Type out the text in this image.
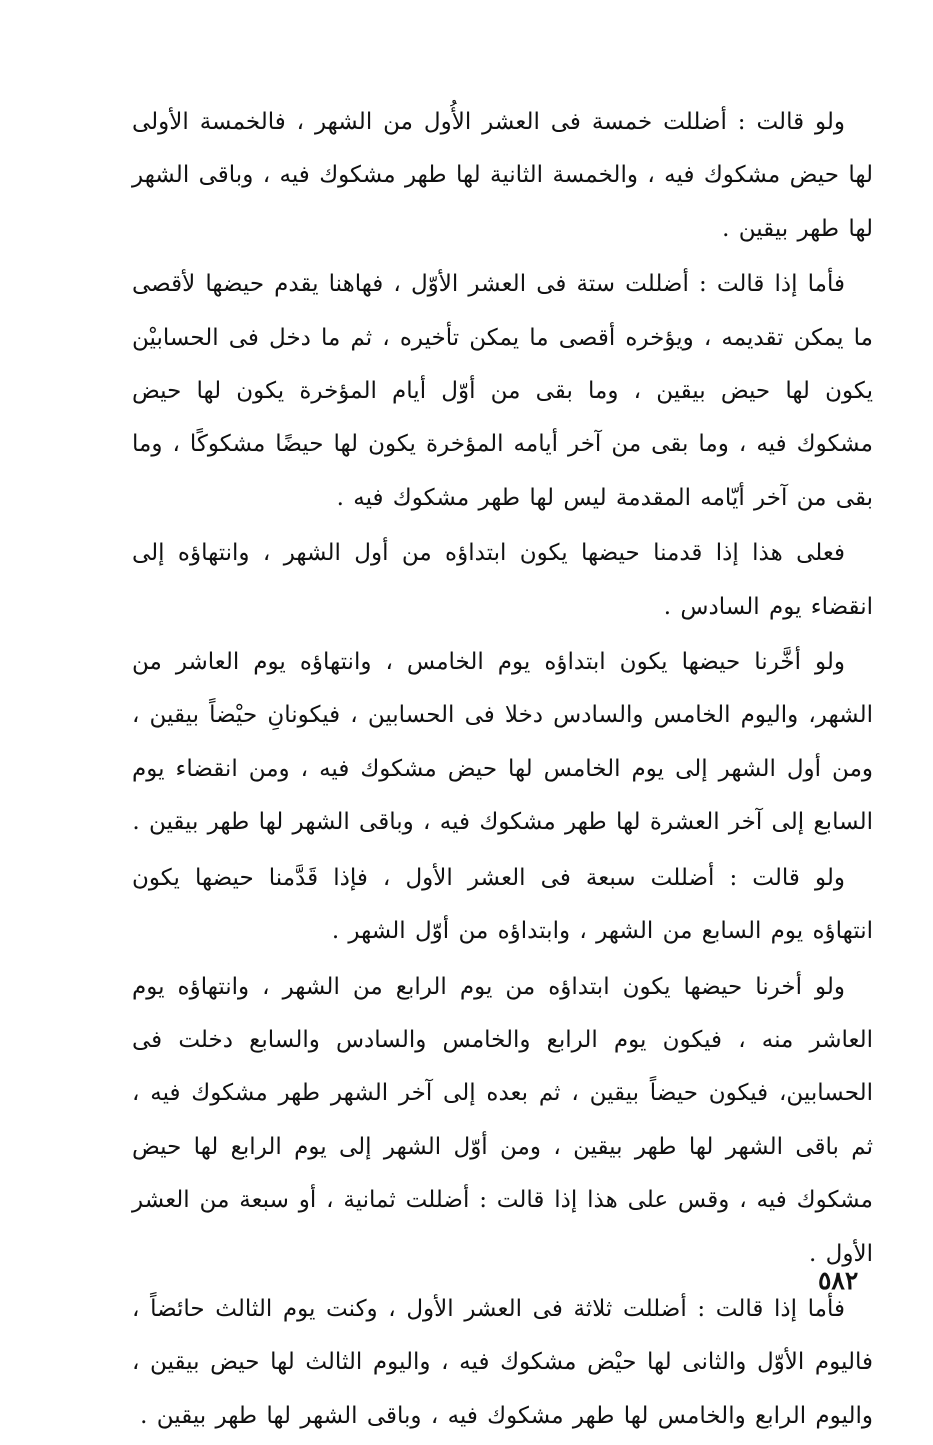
ولو قالت : أضللت خمسة فى العشر الأُول من الشهر ، فالخمسة الأولى لها حيض مشكوك فيه ، والخمسة الثانية لها طهر مشكوك فيه ، وباقى الشهر لها طهر بيقين .

فأما إذا قالت : أضللت ستة فى العشر الأوّل ، فهاهنا يقدم حيضها لأقصى ما يمكن تقديمه ، ويؤخره أقصى ما يمكن تأخيره ، ثم ما دخل فى الحسابيْن يكون لها حيض بيقين ، وما بقى من أوّل أيام المؤخرة يكون لها حيض مشكوك فيه ، وما بقى من آخر أيامه المؤخرة يكون لها حيضًا مشكوكًا ، وما بقى من آخر أيّامه المقدمة ليس لها طهر مشكوك فيه .

فعلى هذا إذا قدمنا حيضها يكون ابتداؤه من أول الشهر ، وانتهاؤه إلى انقضاء يوم السادس .

ولو أخَّرنا حيضها يكون ابتداؤه يوم الخامس ، وانتهاؤه يوم العاشر من الشهر، واليوم الخامس والسادس دخلا فى الحسابين ، فيكونانِ حيْضاً بيقين ، ومن أول الشهر إلى يوم الخامس لها حيض مشكوك فيه ، ومن انقضاء يوم السابع إلى آخر العشرة لها طهر مشكوك فيه ، وباقى الشهر لها طهر بيقين .

ولو قالت : أضللت سبعة فى العشر الأول ، فإذا قَدَّمنا حيضها يكون انتهاؤه يوم السابع من الشهر ، وابتداؤه من أوّل الشهر .

ولو أخرنا حيضها يكون ابتداؤه من يوم الرابع من الشهر ، وانتهاؤه يوم العاشر منه ، فيكون يوم الرابع والخامس والسادس والسابع دخلت فى الحسابين، فيكون حيضاً بيقين ، ثم بعده إلى آخر الشهر طهر مشكوك فيه ، ثم باقى الشهر لها طهر بيقين ، ومن أوّل الشهر إلى يوم الرابع لها حيض مشكوك فيه ، وقس على هذا إذا قالت : أضللت ثمانية ، أو سبعة من العشر الأول .

فأما إذا قالت : أضللت ثلاثة فى العشر الأول ، وكنت يوم الثالث حائضاً ، فاليوم الأوّل والثانى لها حيْض مشكوك فيه ، واليوم الثالث لها حيض بيقين ، واليوم الرابع والخامس لها طهر مشكوك فيه ، وباقى الشهر لها طهر بيقين .

٥٨٢
